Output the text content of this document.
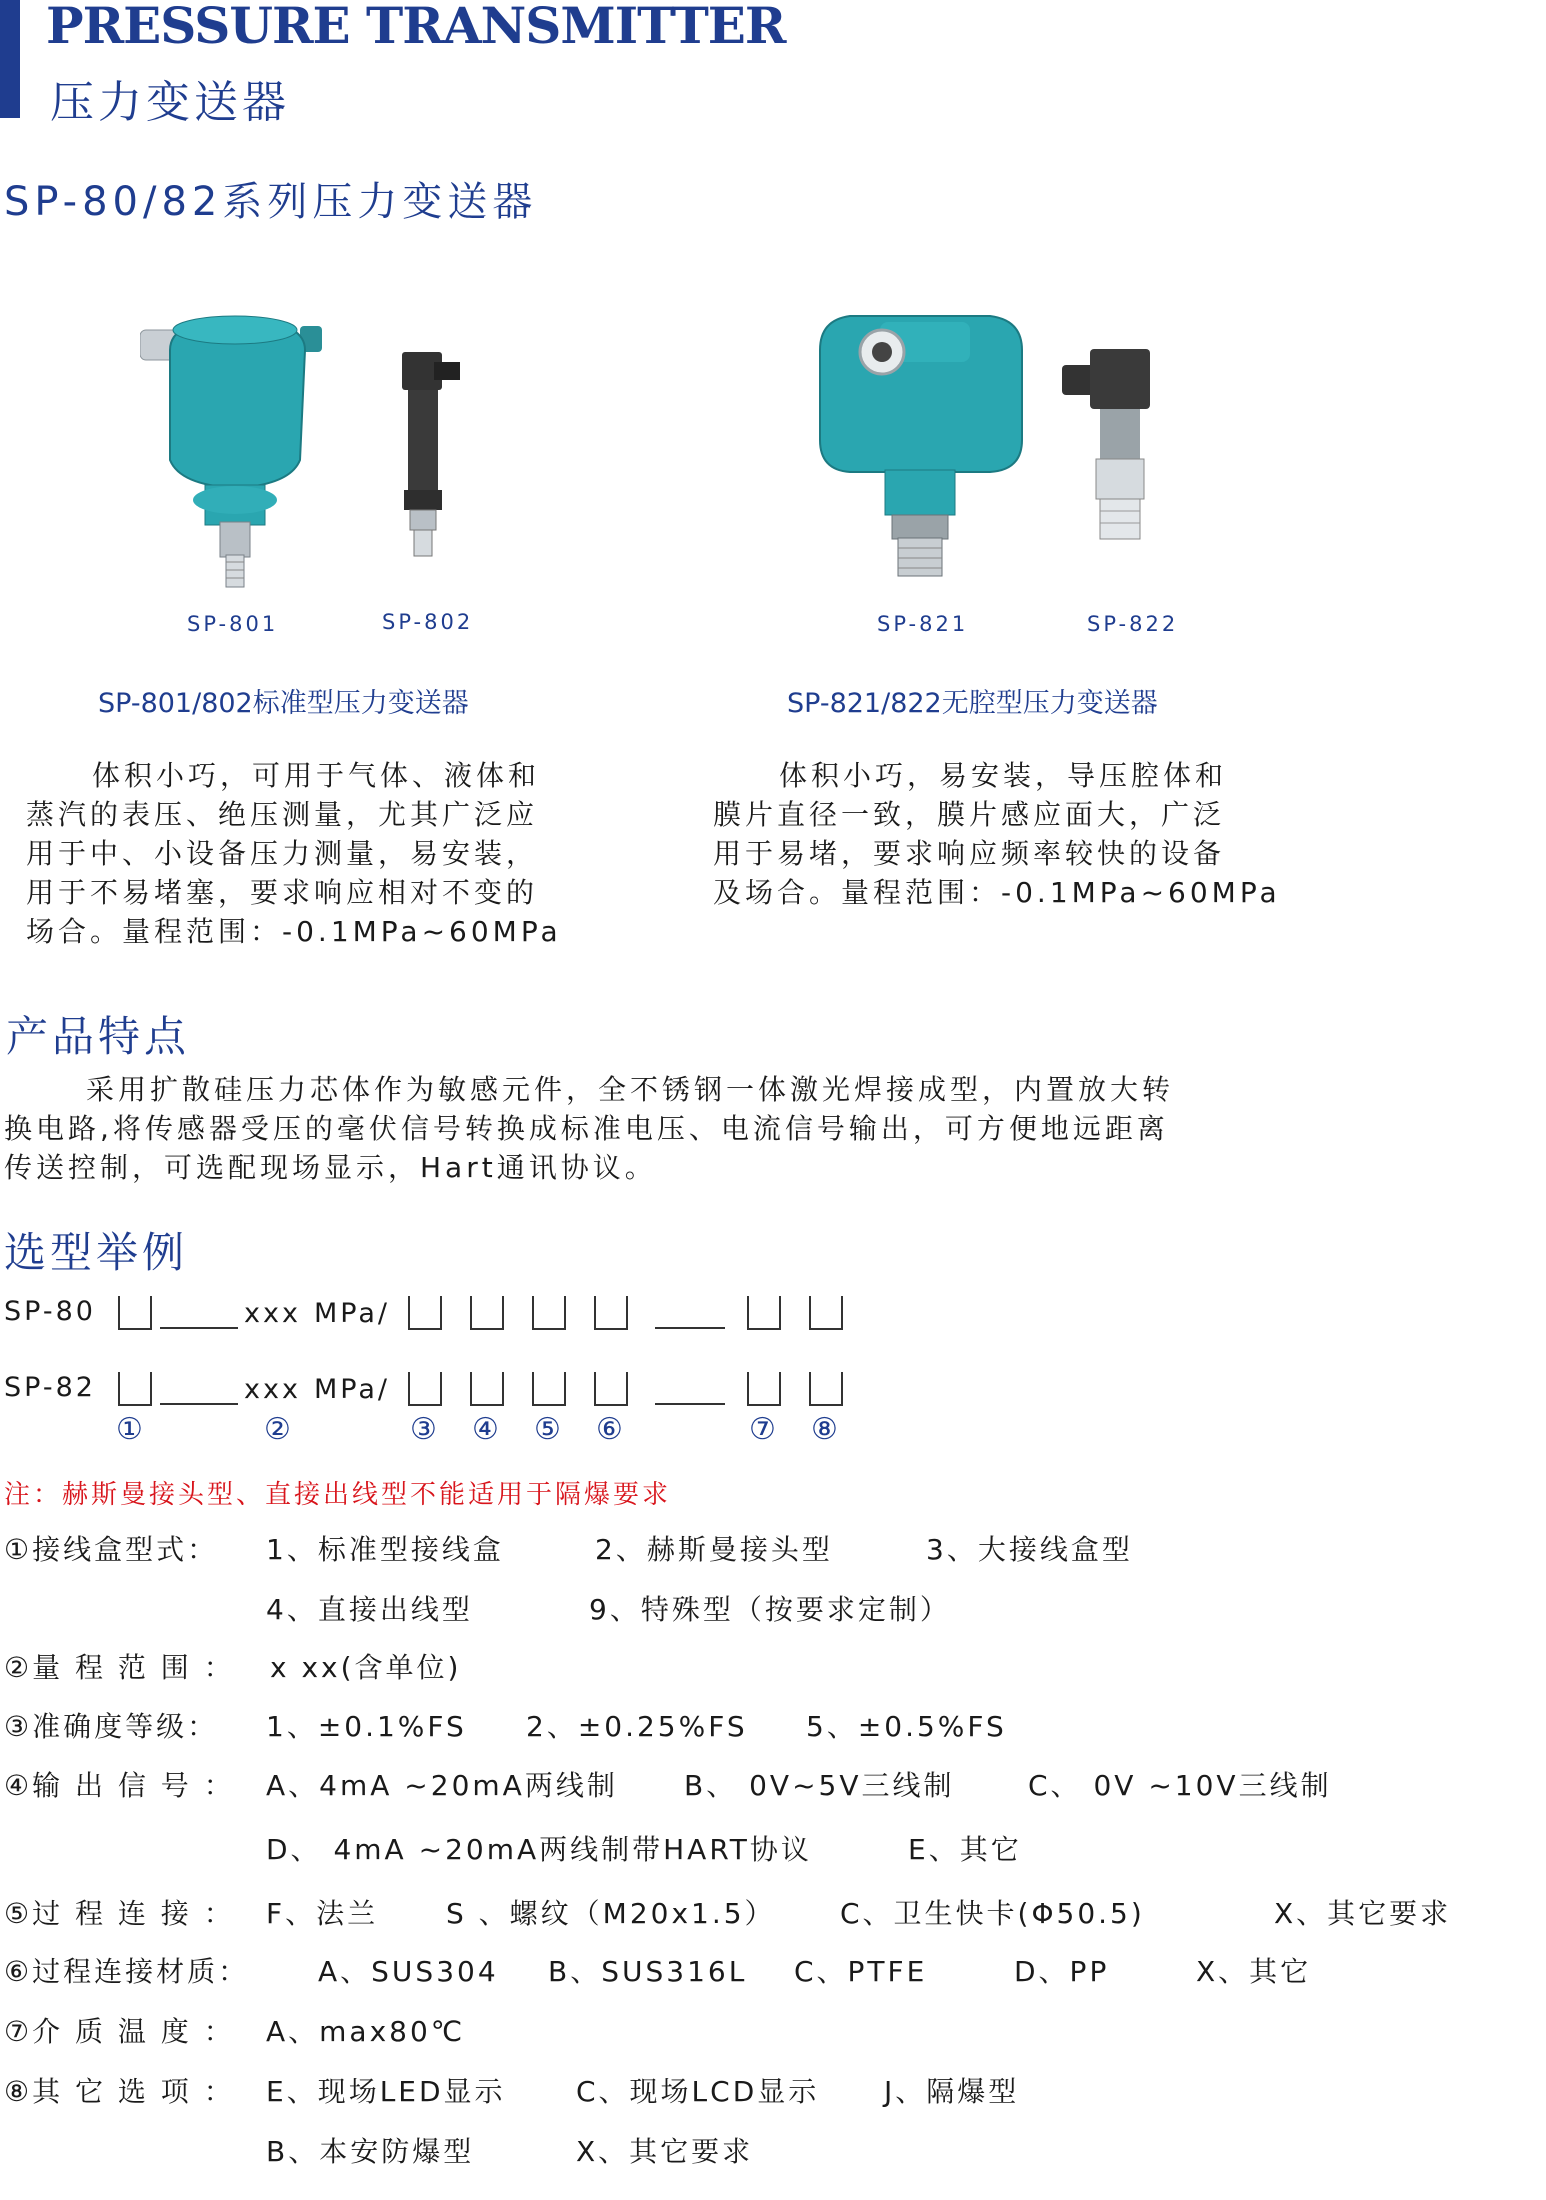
PRESSURE TRANSMITTER
压力变送器
SP-80/82系列压力变送器
SP-801	SP-802	SP-821	SP-822
SP-801/802标准型压力变送器	SP-821/822无腔型压力变送器
体积小巧，可用于气体、液体和
蒸汽的表压、绝压测量，尤其广泛应
用于中、小设备压力测量，易安装，
用于不易堵塞，要求响应相对不变的
场合。量程范围：-0.1MPa~60MPa
体积小巧，易安装，导压腔体和
膜片直径一致，膜片感应面大，广泛
用于易堵，要求响应频率较快的设备
及场合。量程范围：-0.1MPa~60MPa
产品特点
采用扩散硅压力芯体作为敏感元件，全不锈钢一体激光焊接成型，内置放大转
换电路,将传感器受压的毫伏信号转换成标准电压、电流信号输出，可方便地远距离
传送控制，可选配现场显示，Hart通讯协议。
选型举例
SP-80	xxx MPa/
SP-82	xxx MPa/
①	②	③ ④ ⑤ ⑥	⑦ ⑧
注：赫斯曼接头型、直接出线型不能适用于隔爆要求
①接线盒型式： 1、标准型接线盒	2、赫斯曼接头型	3、大接线盒型
4、直接出线型	9、特殊型（按要求定制）
②量 程 范 围 ： x xx(含单位)
③准确度等级： 1、±0.1%FS 2、±0.25%FS 5、±0.5%FS
④输 出 信 号 ： A、4mA ~20mA两线制 B、 0V~5V三线制	C、 0V ~10V三线制
D、 4mA ~20mA两线制带HART协议	E、其它
⑤过 程 连 接 ： F、法兰 S 、螺纹（M20x1.5） C、卫生快卡(Φ50.5)	X、其它要求
⑥过程连接材质： A、SUS304 B、SUS316L C、PTFE	D、PP	X、其它
⑦介 质 温 度 ： A、max80℃
⑧其 它 选 项 ： E、现场LED显示	C、现场LCD显示 J、隔爆型
B、本安防爆型	X、其它要求
